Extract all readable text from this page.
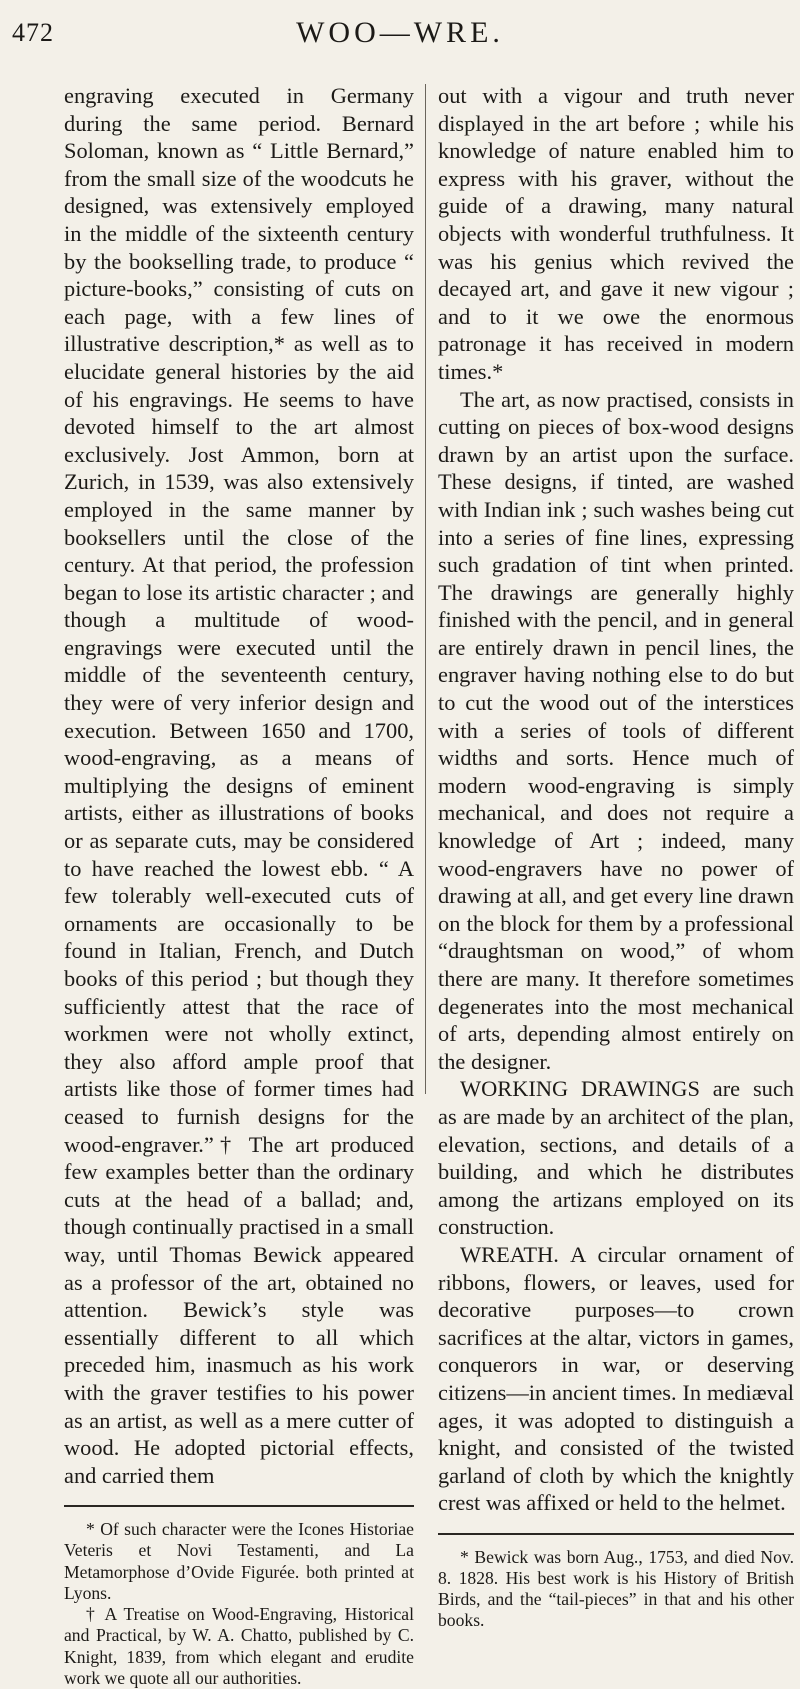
472	WOO—WRE.

engraving executed in Germany during the same period. Bernard Soloman, known as “ Little Bernard,” from the small size of the woodcuts he designed, was extensively employed in the middle of the sixteenth century by the bookselling trade, to produce “ picture-books,” consisting of cuts on each page, with a few lines of illustrative description,* as well as to elucidate general histories by the aid of his engravings. He seems to have devoted himself to the art almost exclusively. Jost Ammon, born at Zurich, in 1539, was also extensively employed in the same manner by booksellers until the close of the century. At that period, the profession began to lose its artistic character ; and though a multitude of wood-engravings were executed until the middle of the seventeenth century, they were of very inferior design and execution. Between 1650 and 1700, wood-engraving, as a means of multiplying the designs of eminent artists, either as illustrations of books or as separate cuts, may be considered to have reached the lowest ebb. “ A few tolerably well-executed cuts of ornaments are occasionally to be found in Italian, French, and Dutch books of this period ; but though they sufficiently attest that the race of workmen were not wholly extinct, they also afford ample proof that artists like those of former times had ceased to furnish designs for the wood-engraver.”† The art produced few examples better than the ordinary cuts at the head of a ballad; and, though continually practised in a small way, until Thomas Bewick appeared as a professor of the art, obtained no attention. Bewick’s style was essentially different to all which preceded him, inasmuch as his work with the graver testifies to his power as an artist, as well as a mere cutter of wood. He adopted pictorial effects, and carried them

* Of such character were the Icones Historiae Veteris et Novi Testamenti, and La Metamorphose d’Ovide Figurée. both printed at Lyons.

† A Treatise on Wood-Engraving, Historical and Practical, by W. A. Chatto, published by C. Knight, 1839, from which elegant and erudite work we quote all our authorities.

out with a vigour and truth never displayed in the art before ; while his knowledge of nature enabled him to express with his graver, without the guide of a drawing, many natural objects with wonderful truthfulness. It was his genius which revived the decayed art, and gave it new vigour ; and to it we owe the enormous patronage it has received in modern times.*

The art, as now practised, consists in cutting on pieces of box-wood designs drawn by an artist upon the surface. These designs, if tinted, are washed with Indian ink ; such washes being cut into a series of fine lines, expressing such gradation of tint when printed. The drawings are generally highly finished with the pencil, and in general are entirely drawn in pencil lines, the engraver having nothing else to do but to cut the wood out of the interstices with a series of tools of different widths and sorts. Hence much of modern wood-engraving is simply mechanical, and does not require a knowledge of Art ; indeed, many wood-engravers have no power of drawing at all, and get every line drawn on the block for them by a professional “draughtsman on wood,” of whom there are many. It therefore sometimes degenerates into the most mechanical of arts, depending almost entirely on the designer.

WORKING DRAWINGS are such as are made by an architect of the plan, elevation, sections, and details of a building, and which he distributes among the artizans employed on its construction.

WREATH. A circular ornament of ribbons, flowers, or leaves, used for decorative purposes—to crown sacrifices at the altar, victors in games, conquerors in war, or deserving citizens—in ancient times. In mediæval ages, it was adopted to distinguish a knight, and consisted of the twisted garland of cloth by which the knightly crest was affixed or held to the helmet.

* Bewick was born Aug., 1753, and died Nov. 8. 1828. His best work is his History of British Birds, and the “tail-pieces” in that and his other books.
